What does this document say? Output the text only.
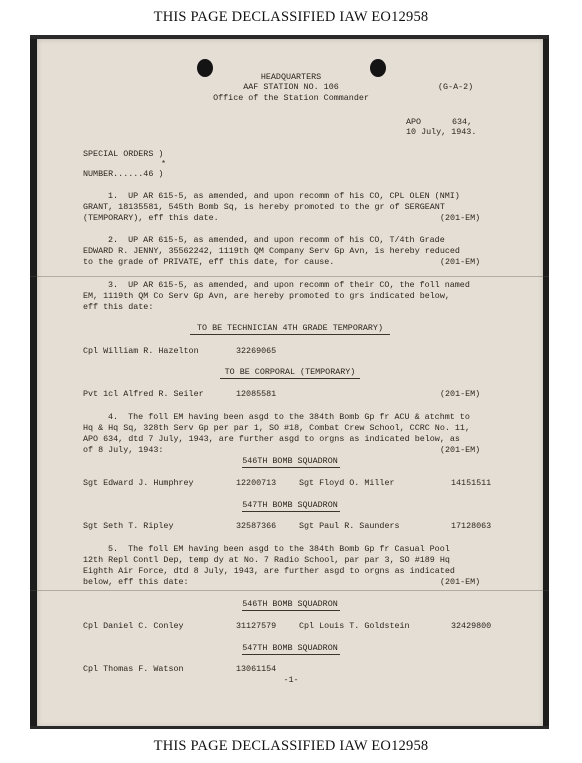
THIS PAGE DECLASSIFIED IAW EO12958
HEADQUARTERS
AAF STATION NO. 106	(G-A-2)
Office of the Station Commander
APO	634,
10 July, 1943.
SPECIAL ORDERS )
*
NUMBER......46 )
1.  UP AR 615-5, as amended, and upon recomm of his CO, CPL OLEN (NMI)
GRANT, 18135581, 545th Bomb Sq, is hereby promoted to the gr of SERGEANT
(TEMPORARY), eff this date.	(201-EM)
2.  UP AR 615-5, as amended, and upon recomm of his CO, T/4th Grade
EDWARD R. JENNY, 35562242, 1119th QM Company Serv Gp Avn, is hereby reduced
to the grade of PRIVATE, eff this date, for cause.	(201-EM)
3.  UP AR 615-5, as amended, and upon recomm of their CO, the foll named
EM, 1119th QM Co Serv Gp Avn, are hereby promoted to grs indicated below,
eff this date:
TO BE TECHNICIAN 4TH GRADE TEMPORARY)
Cpl William R. Hazelton	32269065
TO BE CORPORAL (TEMPORARY)
Pvt 1cl Alfred R. Seiler	12085581	(201-EM)
4.  The foll EM having been asgd to the 384th Bomb Gp fr ACU & atchmt to
Hq & Hq Sq, 328th Serv Gp per par 1, SO #18, Combat Crew School, CCRC No. 11,
APO 634, dtd 7 July, 1943, are further asgd to orgns as indicated below, as
of 8 July, 1943:	(201-EM)
546TH BOMB SQUADRON
Sgt Edward J. Humphrey	12200713	Sgt Floyd O. Miller	14151511
547TH BOMB SQUADRON
Sgt Seth T. Ripley	32587366	Sgt Paul R. Saunders	17128063
5.  The foll EM having been asgd to the 384th Bomb Gp fr Casual Pool
12th Repl Contl Dep, temp dy at No. 7 Radio School, par par 3, SO #189 Hq
Eighth Air Force, dtd 8 July, 1943, are further asgd to orgns as indicated
below, eff this date:	(201-EM)
546TH BOMB SQUADRON
Cpl Daniel C. Conley	31127579	Cpl Louis T. Goldstein	32429800
547TH BOMB SQUADRON
Cpl Thomas F. Watson	13061154
-1-
THIS PAGE DECLASSIFIED IAW EO12958
